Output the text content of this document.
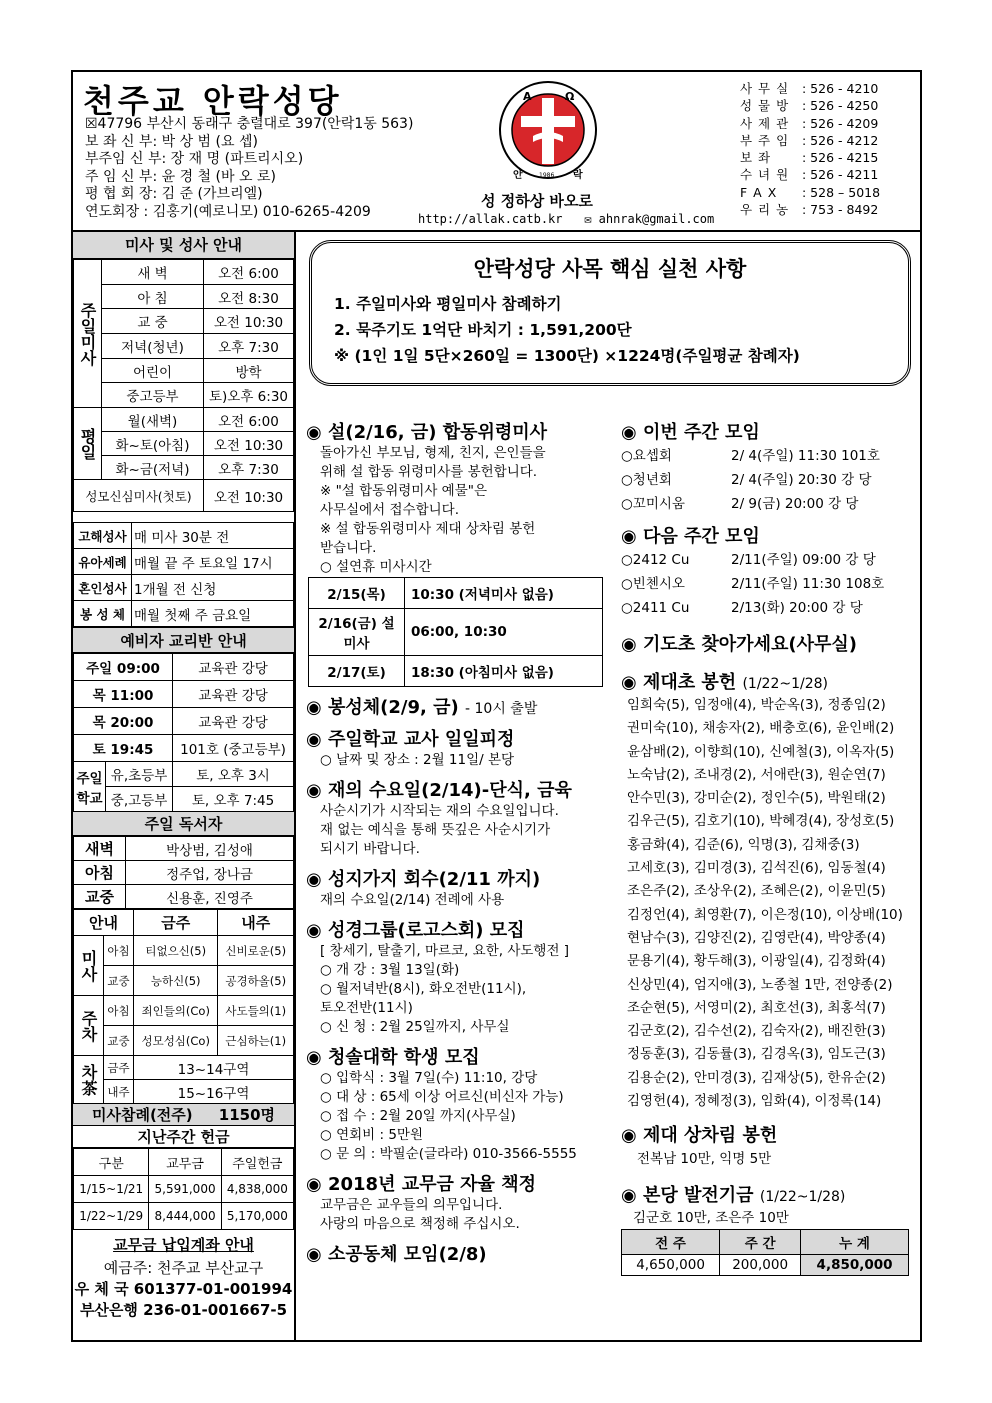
천주교 안락성당
☒47796 부산시 동래구 충렬대로 397(안락1동 563)
보 좌 신 부: 박 상 범 (요 셉)
부주임 신 부: 장 재 명 (파트리시오)
주 임 신 부: 윤 경 철 (바 오 로)
평 협 회 장: 김 준 (가브리엘)
연도회장 : 김홍기(예로니모) 010-6265-4209
A	Ω
안	락
1986
성 정하상 바오로
http://allak.catb.kr ✉ ahnrak@gmail.com
사 무 실	: 526 - 4210
성 물 방	: 526 - 4250
사 제 관	: 526 - 4209
부 주 임	: 526 - 4212
보 좌	: 526 - 4215
수 녀 원	: 526 - 4211
F A X	: 528 – 5018
우 리 농	: 753 - 8492
미사 및 성사 안내
주일미사	새 벽	오전 6:00
	아 침	오전 8:30
	교 중	오전 10:30
	저녁(청년)	오후 7:30
	어린이	방학
	중고등부	토)오후 6:30
평일	월(새벽)	오전 6:00
	화~토(아침)	오전 10:30
	화~금(저녁)	오후 7:30
성모신심미사(첫토)		오전 10:30
고해성사	매 미사 30분 전
유아세례	매월 끝 주 토요일 17시
혼인성사	1개월 전 신청
봉 성 체	매월 첫째 주 금요일
예비자 교리반 안내
주일 09:00		교육관 강당
목 11:00		교육관 강당
목 20:00		교육관 강당
토 19:45		101호 (중고등부)
주일학교	유,초등부	토, 오후 3시
	중,고등부	토, 오후 7:45
주일 독서자
새벽	박상범, 김성애
아침	정주업, 장나금
교중	신용훈, 진영주
안내		금주	내주
미사	아침	티없으신(5)	신비로운(5)
	교중	능하신(5)	공경하올(5)
주차	아침	죄인들의(Co)	사도들의(1)
	교중	성모성심(Co)	근심하는(1)
차茶	금주	13~14구역	
	내주	15~16구역	
미사참례(전주) 1150명
지난주간 헌금
구분	교무금	주일헌금
1/15~1/21	5,591,000	4,838,000
1/22~1/29	8,444,000	5,170,000
교무금 납입계좌 안내
예금주: 천주교 부산교구
우 체 국 601377-01-001994
부산은행 236-01-001667-5
안락성당 사목 핵심 실천 사항

1. 주일미사와 평일미사 참례하기

2. 묵주기도 1억단 바치기 : 1,591,200단

※ (1인 1일 5단×260일 = 1300단) ×1224명(주일평균 참례자)

◉ 설(2/16, 금) 합동위령미사
돌아가신 부모님, 형제, 친지, 은인들을
위해 설 합동 위령미사를 봉헌합니다.
※ "설 합동위령미사 예물"은
사무실에서 접수합니다.
※ 설 합동위령미사 제대 상차림 봉헌
받습니다.
○ 설연휴 미사시간
2/15(목)	10:30 (저녁미사 없음)
2/16(금) 설미사	06:00, 10:30
2/17(토)	18:30 (아침미사 없음)
◉ 봉성체(2/9, 금) - 10시 출발
◉ 주일학교 교사 일일피정
○ 날짜 및 장소 : 2월 11일/ 본당
◉ 재의 수요일(2/14)-단식, 금육
사순시기가 시작되는 재의 수요일입니다.
재 없는 예식을 통해 뜻깊은 사순시기가
되시기 바랍니다.
◉ 성지가지 회수(2/11 까지)
재의 수요일(2/14) 전례에 사용
◉ 성경그룹(로고스회) 모집
[ 창세기, 탈출기, 마르코, 요한, 사도행전 ]
○ 개 강 : 3월 13일(화)
○ 월저녁반(8시), 화오전반(11시),
토오전반(11시)
○ 신 청 : 2월 25일까지, 사무실
◉ 청솔대학 학생 모집
○ 입학식 : 3월 7일(수) 11:10, 강당
○ 대 상 : 65세 이상 어르신(비신자 가능)
○ 접 수 : 2월 20일 까지(사무실)
○ 연회비 : 5만원
○ 문 의 : 박필순(글라라) 010-3566-5555
◉ 2018년 교무금 자율 책정
교무금은 교우들의 의무입니다.
사랑의 마음으로 책정해 주십시오.
◉ 소공동체 모임(2/8)
◉ 이번 주간 모임
○요셉회	2/ 4(주일) 11:30 101호
○청년회	2/ 4(주일) 20:30 강 당
○꼬미시움	2/ 9(금) 20:00 강 당
◉ 다음 주간 모임
○2412 Cu	2/11(주일) 09:00 강 당
○빈첸시오	2/11(주일) 11:30 108호
○2411 Cu	2/13(화) 20:00 강 당
◉ 기도초 찾아가세요(사무실)
◉ 제대초 봉헌 (1/22~1/28)
임희숙(5), 임정애(4), 박순옥(3), 정종임(2)
권미숙(10), 채송자(2), 배충호(6), 윤인배(2)
윤삼배(2), 이향희(10), 신예철(3), 이옥자(5)
노숙남(2), 조내경(2), 서애란(3), 원순연(7)
안수민(3), 강미순(2), 정인수(5), 박원태(2)
김우근(5), 김호기(10), 박혜경(4), 장성호(5)
홍금화(4), 김준(6), 익명(3), 김채중(3)
고세호(3), 김미경(3), 김석진(6), 임동철(4)
조은주(2), 조상우(2), 조혜은(2), 이윤민(5)
김정언(4), 최영환(7), 이은정(10), 이상배(10)
현남수(3), 김양진(2), 김영란(4), 박양종(4)
문용기(4), 황두해(3), 이광일(4), 김정화(4)
신상민(4), 엄지애(3), 노종철 1만, 전양종(2)
조순현(5), 서영미(2), 최호선(3), 최홍석(7)
김군호(2), 김수선(2), 김숙자(2), 배진한(3)
정동훈(3), 김동률(3), 김경옥(3), 임도근(3)
김용순(2), 안미경(3), 김재상(5), 한유순(2)
김영헌(4), 정혜정(3), 임화(4), 이정록(14)
◉ 제대 상차림 봉헌
전복남 10만, 익명 5만
◉ 본당 발전기금 (1/22~1/28)
김군호 10만, 조은주 10만
전 주	주 간	누 계
4,650,000	200,000	4,850,000
